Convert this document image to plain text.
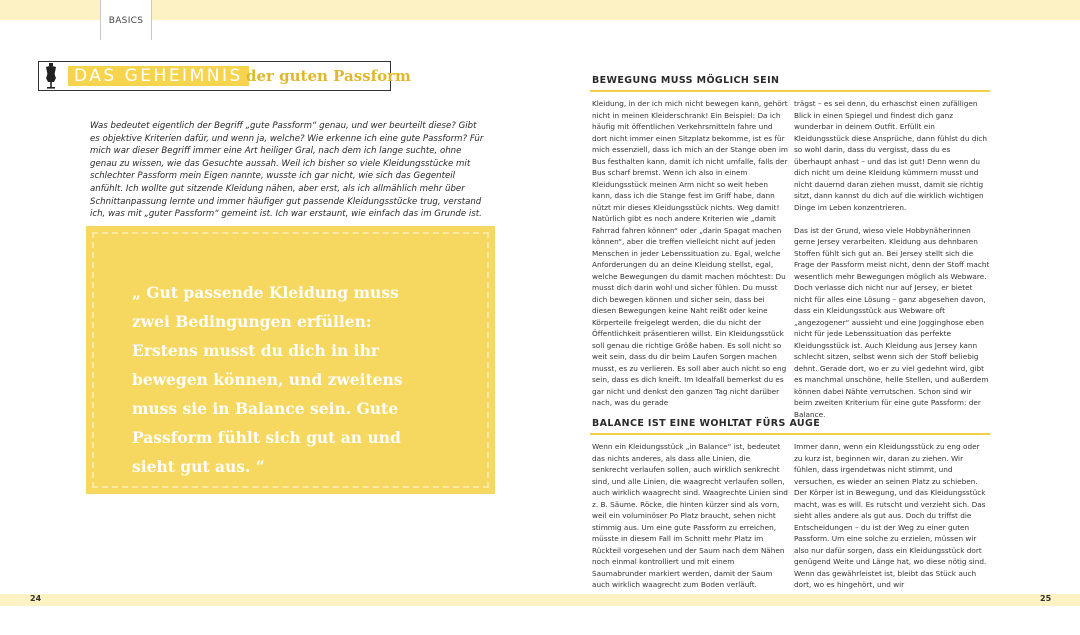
BASICS
DAS GEHEIMNIS der guten Passform

Was bedeutet eigentlich der Begriff „gute Passform“ genau, und wer beurteilt diese? Gibt es objektive Kriterien dafür, und wenn ja, welche? Wie erkenne ich eine gute Passform? Für mich war dieser Begriff immer eine Art heiliger Gral, nach dem ich lange suchte, ohne genau zu wissen, wie das Gesuchte aussah. Weil ich bisher so viele Kleidungsstücke mit schlechter Passform mein Eigen nannte, wusste ich gar nicht, wie sich das Gegenteil anfühlt. Ich wollte gut sitzende Kleidung nähen, aber erst, als ich allmählich mehr über Schnittanpassung lernte und immer häufiger gut passende Kleidungsstücke trug, verstand ich, was mit „guter Passform“ gemeint ist. Ich war erstaunt, wie einfach das im Grunde ist.

„ Gut passende Kleidung muss zwei Bedingungen erfüllen: Erstens musst du dich in ihr bewegen können, und zweitens muss sie in Balance sein. Gute Passform fühlt sich gut an und sieht gut aus. “

24
BEWEGUNG MUSS MÖGLICH SEIN

Kleidung, in der ich mich nicht bewegen kann, gehört nicht in meinen Kleiderschrank! Ein Beispiel: Da ich häufig mit öffentlichen Verkehrsmitteln fahre und dort nicht immer einen Sitzplatz bekomme, ist es für mich essenziell, dass ich mich an der Stange oben im Bus festhalten kann, damit ich nicht umfalle, falls der Bus scharf bremst. Wenn ich also in einem Kleidungsstück meinen Arm nicht so weit heben kann, dass ich die Stange fest im Griff habe, dann nützt mir dieses Kleidungsstück nichts. Weg damit! Natürlich gibt es noch andere Kriterien wie „damit Fahrrad fahren können“ oder „darin Spagat machen können“, aber die treffen vielleicht nicht auf jeden Menschen in jeder Lebenssituation zu. Egal, welche Anforderungen du an deine Kleidung stellst, egal, welche Bewegungen du damit machen möchtest: Du musst dich darin wohl und sicher fühlen. Du musst dich bewegen können und sicher sein, dass bei diesen Bewegungen keine Naht reißt oder keine Körperteile freigelegt werden, die du nicht der Öffentlichkeit präsentieren willst. Ein Kleidungsstück soll genau die richtige Größe haben. Es soll nicht so weit sein, dass du dir beim Laufen Sorgen machen musst, es zu verlieren. Es soll aber auch nicht so eng sein, dass es dich kneift. Im Idealfall bemerkst du es gar nicht und denkst den ganzen Tag nicht darüber nach, was du gerade

trägst – es sei denn, du erhaschst einen zufälligen Blick in einen Spiegel und findest dich ganz wunderbar in deinem Outfit. Erfüllt ein Kleidungsstück diese Ansprüche, dann fühlst du dich so wohl darin, dass du vergisst, dass du es überhaupt anhast – und das ist gut! Denn wenn du dich nicht um deine Kleidung kümmern musst und nicht dauernd daran ziehen musst, damit sie richtig sitzt, dann kannst du dich auf die wirklich wichtigen Dinge im Leben konzentrieren.

Das ist der Grund, wieso viele Hobbynäherinnen gerne Jersey verarbeiten. Kleidung aus dehnbaren Stoffen fühlt sich gut an. Bei Jersey stellt sich die Frage der Passform meist nicht, denn der Stoff macht wesentlich mehr Bewegungen möglich als Webware. Doch verlasse dich nicht nur auf Jersey, er bietet nicht für alles eine Lösung – ganz abgesehen davon, dass ein Kleidungsstück aus Webware oft „angezogener“ aussieht und eine Jogginghose eben nicht für jede Lebenssituation das perfekte Kleidungsstück ist. Auch Kleidung aus Jersey kann schlecht sitzen, selbst wenn sich der Stoff beliebig dehnt. Gerade dort, wo er zu viel gedehnt wird, gibt es manchmal unschöne, helle Stellen, und außerdem können dabei Nähte verrutschen. Schon sind wir beim zweiten Kriterium für eine gute Passform: der Balance.

BALANCE IST EINE WOHLTAT FÜRS AUGE

Wenn ein Kleidungsstück „in Balance“ ist, bedeutet das nichts anderes, als dass alle Linien, die senkrecht verlaufen sollen, auch wirklich senkrecht sind, und alle Linien, die waagrecht verlaufen sollen, auch wirklich waagrecht sind. Waagrechte Linien sind z. B. Säume. Röcke, die hinten kürzer sind als vorn, weil ein voluminöser Po Platz braucht, sehen nicht stimmig aus. Um eine gute Passform zu erreichen, müsste in diesem Fall im Schnitt mehr Platz im Rückteil vorgesehen und der Saum nach dem Nähen noch einmal kontrolliert und mit einem Saumabrunder markiert werden, damit der Saum auch wirklich waagrecht zum Boden verläuft.

Immer dann, wenn ein Kleidungsstück zu eng oder zu kurz ist, beginnen wir, daran zu ziehen. Wir fühlen, dass irgendetwas nicht stimmt, und versuchen, es wieder an seinen Platz zu schieben. Der Körper ist in Bewegung, und das Kleidungsstück macht, was es will. Es rutscht und verzieht sich. Das sieht alles andere als gut aus. Doch du triffst die Entscheidungen – du ist der Weg zu einer guten Passform. Um eine solche zu erzielen, müssen wir also nur dafür sorgen, dass ein Kleidungsstück dort genügend Weite und Länge hat, wo diese nötig sind. Wenn das gewährleistet ist, bleibt das Stück auch dort, wo es hingehört, und wir

25
